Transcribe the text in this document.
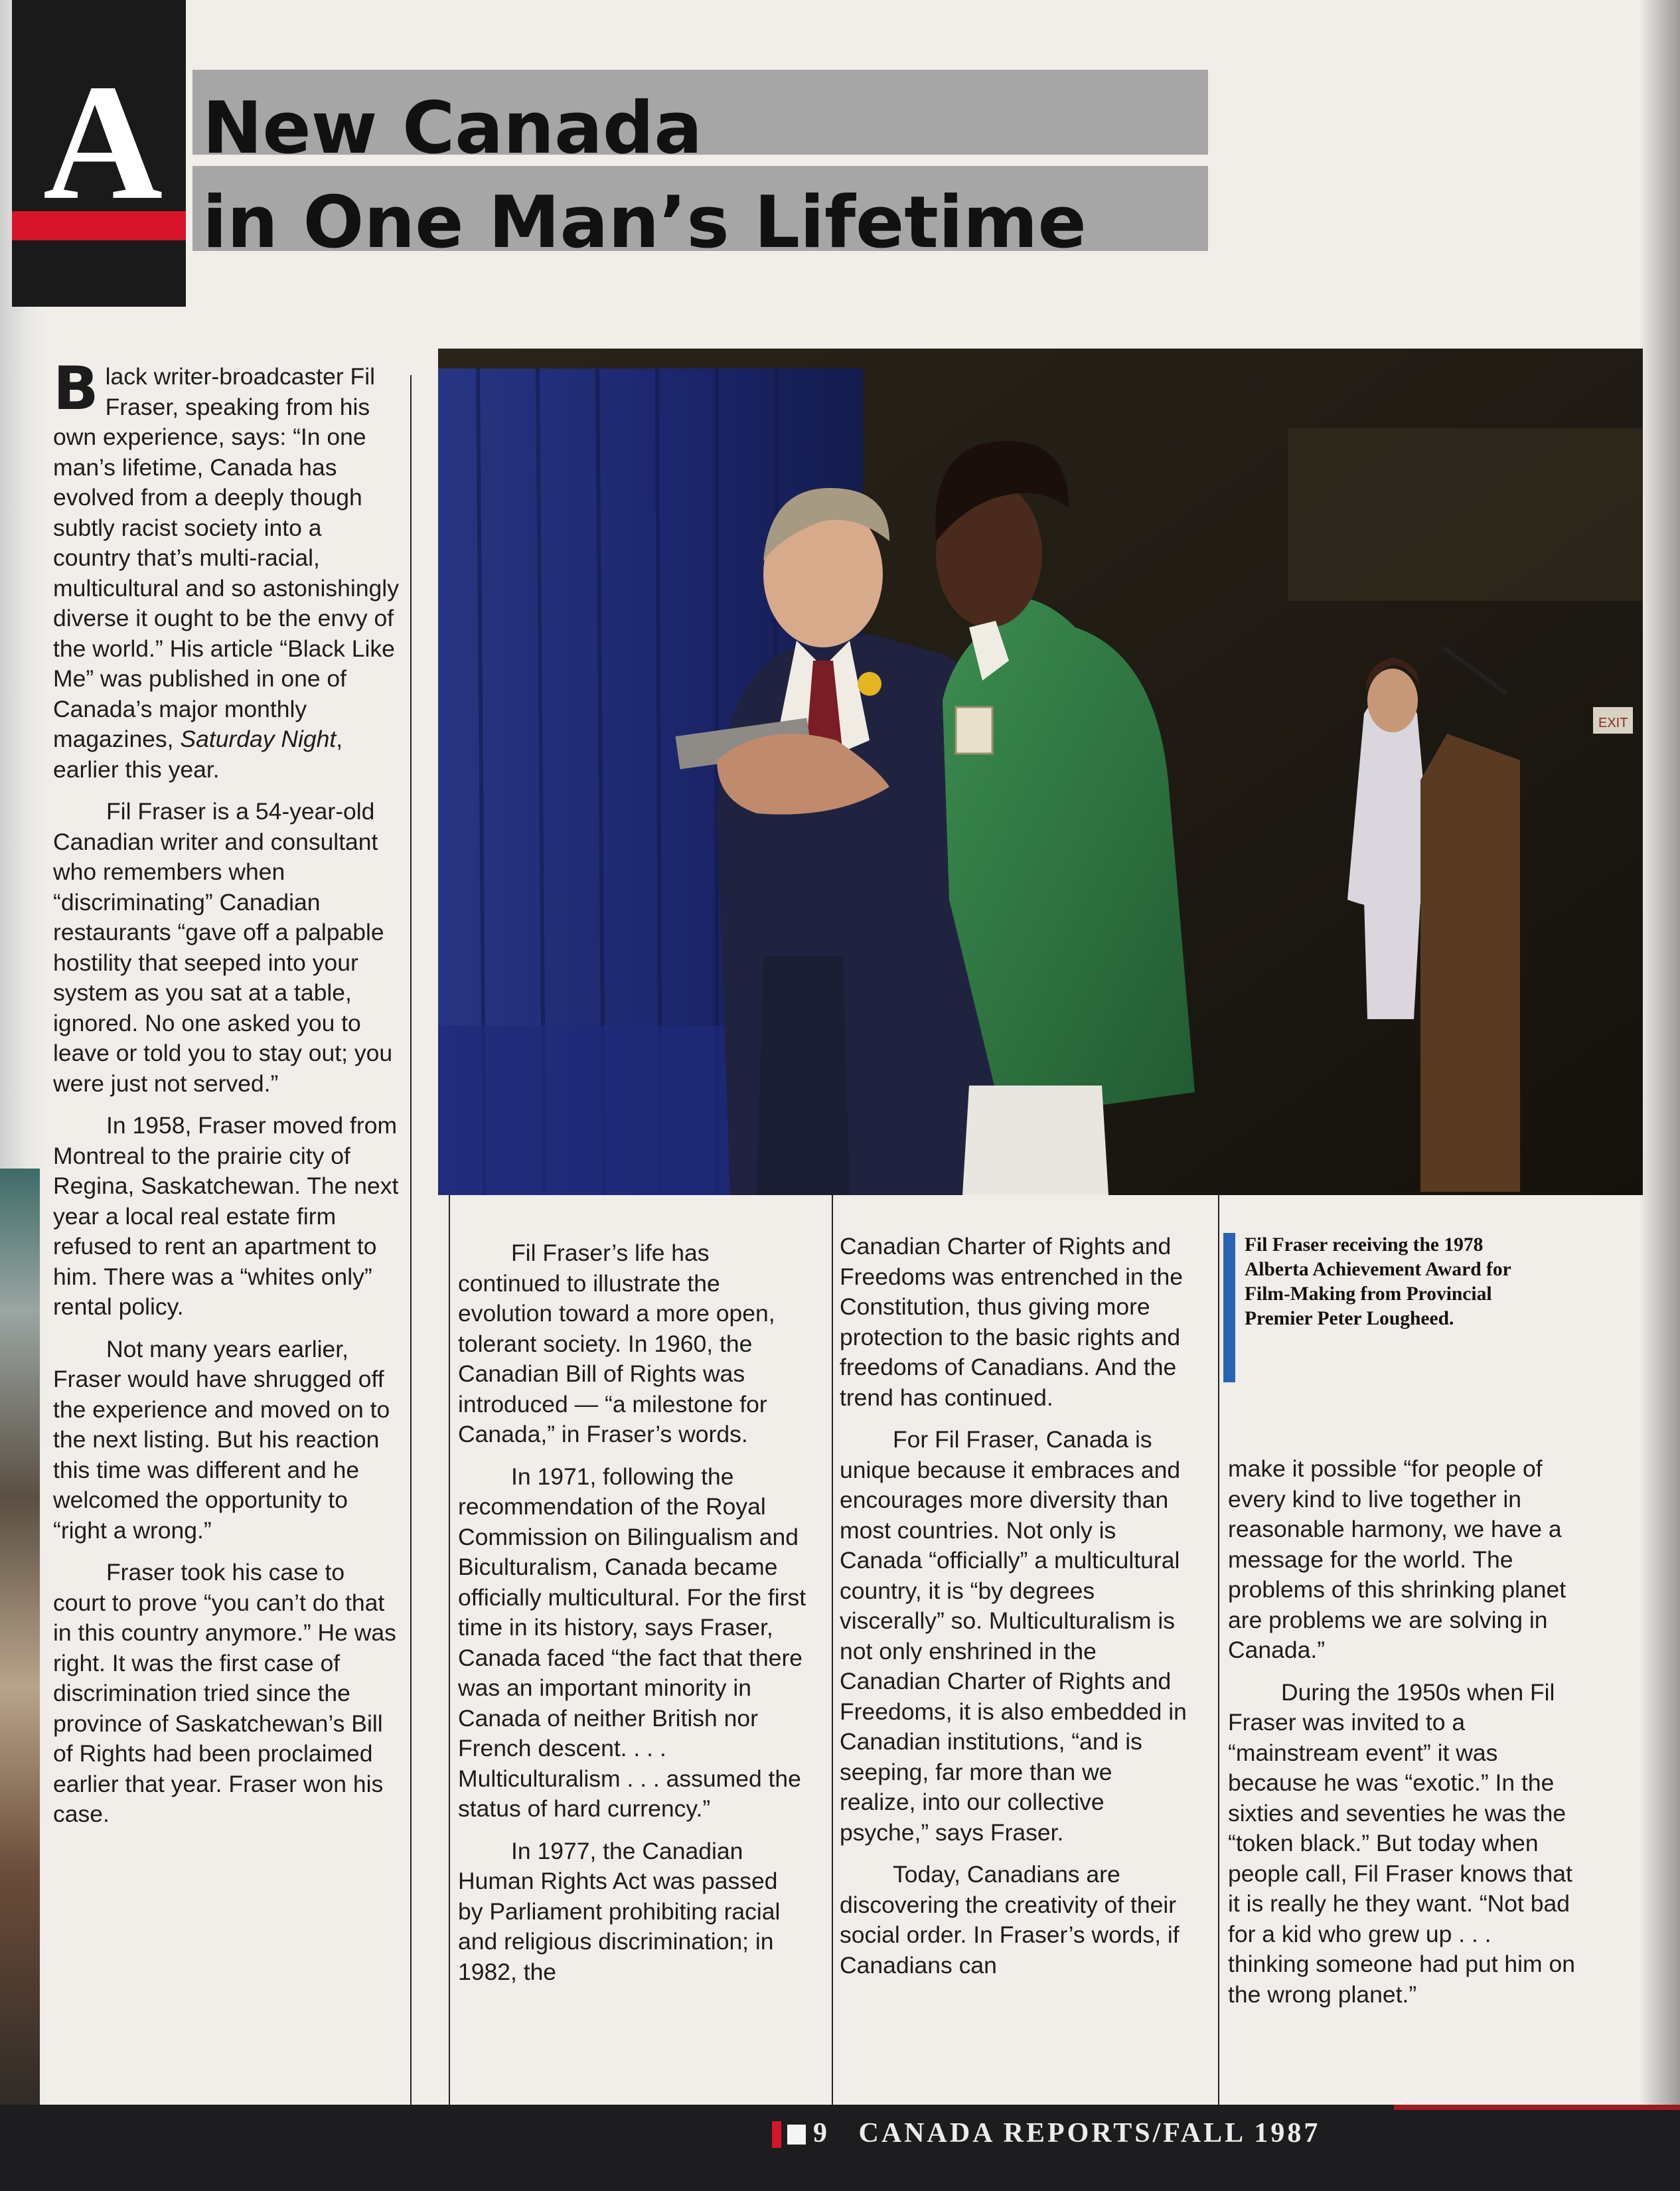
A New Canada
in One Man’s Lifetime
EXIT

Black writer-broadcaster Fil Fraser, speaking from his own experience, says: “In one man’s lifetime, Canada has evolved from a deeply though subtly racist society into a country that’s multi-racial, multicultural and so astonishingly diverse it ought to be the envy of the world.” His article “Black Like Me” was published in one of Canada’s major monthly magazines, Saturday Night, earlier this year.

Fil Fraser is a 54-year-old Canadian writer and consultant who remembers when “discriminating” Canadian restaurants “gave off a palpable hostility that seeped into your system as you sat at a table, ignored. No one asked you to leave or told you to stay out; you were just not served.”

In 1958, Fraser moved from Montreal to the prairie city of Regina, Saskatchewan. The next year a local real estate firm refused to rent an apartment to him. There was a “whites only” rental policy.

Not many years earlier, Fraser would have shrugged off the experience and moved on to the next listing. But his reaction this time was different and he welcomed the opportunity to “right a wrong.”

Fraser took his case to court to prove “you can’t do that in this country anymore.” He was right. It was the first case of discrimination tried since the province of Saskatchewan’s Bill of Rights had been proclaimed earlier that year. Fraser won his case.

Fil Fraser’s life has continued to illustrate the evolution toward a more open, tolerant society. In 1960, the Canadian Bill of Rights was introduced — “a milestone for Canada,” in Fraser’s words.

In 1971, following the recommendation of the Royal Commission on Bilingualism and Biculturalism, Canada became officially multicultural. For the first time in its history, says Fraser, Canada faced “the fact that there was an important minority in Canada of neither British nor French descent. . . . Multiculturalism . . . assumed the status of hard currency.”

In 1977, the Canadian Human Rights Act was passed by Parliament prohibiting racial and religious discrimination; in 1982, the

Canadian Charter of Rights and Freedoms was entrenched in the Constitution, thus giving more protection to the basic rights and freedoms of Canadians. And the trend has continued.

For Fil Fraser, Canada is unique because it embraces and encourages more diversity than most countries. Not only is Canada “officially” a multicultural country, it is “by degrees viscerally” so. Multiculturalism is not only enshrined in the Canadian Charter of Rights and Freedoms, it is also embedded in Canadian institutions, “and is seeping, far more than we realize, into our collective psyche,” says Fraser.

Today, Canadians are discovering the creativity of their social order. In Fraser’s words, if Canadians can

Fil Fraser receiving the 1978 Alberta Achievement Award for Film-Making from Provincial Premier Peter Lougheed.

make it possible “for people of every kind to live together in reasonable harmony, we have a message for the world. The problems of this shrinking planet are problems we are solving in Canada.”

During the 1950s when Fil Fraser was invited to a “mainstream event” it was because he was “exotic.” In the sixties and seventies he was the “token black.” But today when people call, Fil Fraser knows that it is really he they want. “Not bad for a kid who grew up . . . thinking someone had put him on the wrong planet.”

9 CANADA REPORTS/FALL 1987
